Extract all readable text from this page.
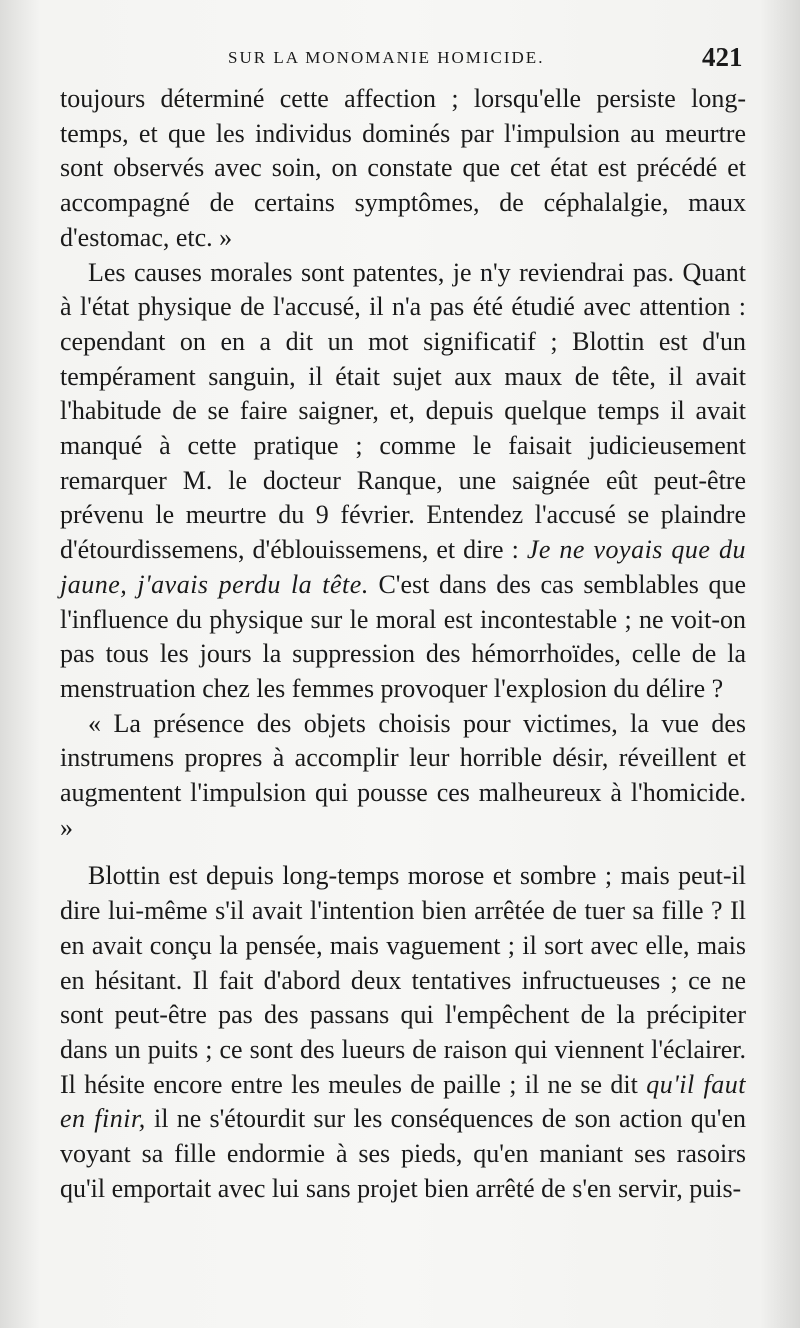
SUR LA MONOMANIE HOMICIDE.	421

toujours déterminé cette affection ; lorsqu'elle persiste long-temps, et que les individus dominés par l'impulsion au meurtre sont observés avec soin, on constate que cet état est précédé et accompagné de certains symptômes, de céphalalgie, maux d'estomac, etc. »

Les causes morales sont patentes, je n'y reviendrai pas. Quant à l'état physique de l'accusé, il n'a pas été étudié avec attention : cependant on en a dit un mot significatif ; Blottin est d'un tempérament sanguin, il était sujet aux maux de tête, il avait l'habitude de se faire saigner, et, depuis quelque temps il avait manqué à cette pratique ; comme le faisait judicieusement remarquer M. le docteur Ranque, une saignée eût peut-être prévenu le meurtre du 9 février. Entendez l'accusé se plaindre d'étourdissemens, d'éblouissemens, et dire : Je ne voyais que du jaune, j'avais perdu la tête. C'est dans des cas semblables que l'influence du physique sur le moral est incontestable ; ne voit-on pas tous les jours la suppression des hémorrhoïdes, celle de la menstruation chez les femmes provoquer l'explosion du délire ?

« La présence des objets choisis pour victimes, la vue des instrumens propres à accomplir leur horrible désir, réveillent et augmentent l'impulsion qui pousse ces malheureux à l'homicide. »

Blottin est depuis long-temps morose et sombre ; mais peut-il dire lui-même s'il avait l'intention bien arrêtée de tuer sa fille ? Il en avait conçu la pensée, mais vaguement ; il sort avec elle, mais en hésitant. Il fait d'abord deux tentatives infructueuses ; ce ne sont peut-être pas des passans qui l'empêchent de la précipiter dans un puits ; ce sont des lueurs de raison qui viennent l'éclairer. Il hésite encore entre les meules de paille ; il ne se dit qu'il faut en finir, il ne s'étourdit sur les conséquences de son action qu'en voyant sa fille endormie à ses pieds, qu'en maniant ses rasoirs qu'il emportait avec lui sans projet bien arrêté de s'en servir, puis-
